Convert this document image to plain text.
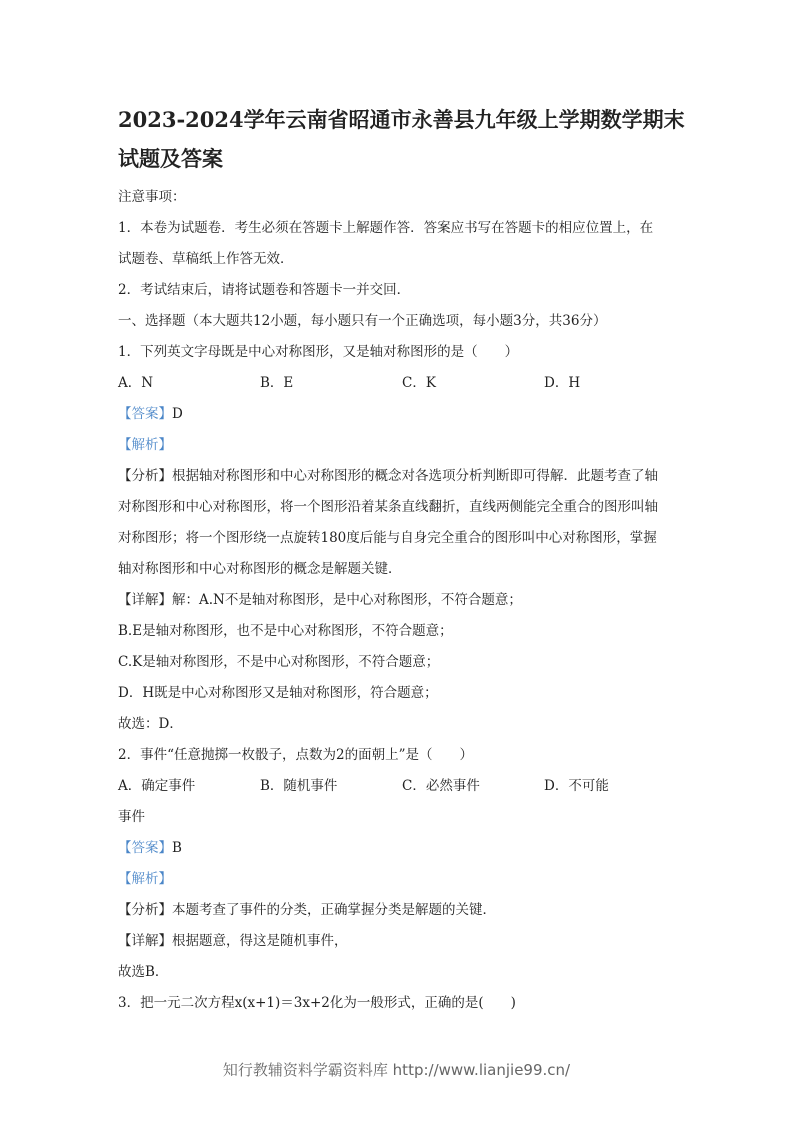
2023-2024学年云南省昭通市永善县九年级上学期数学期末
试题及答案
注意事项：
1．本卷为试题卷．考生必须在答题卡上解题作答．答案应书写在答题卡的相应位置上，在
试题卷、草稿纸上作答无效．
2．考试结束后，请将试题卷和答题卡一并交回．
一、选择题（本大题共12小题，每小题只有一个正确选项，每小题3分，共36分）
1．下列英文字母既是中心对称图形，又是轴对称图形的是（　　）
A．N	B．E	C．K	D．H
【答案】D
【解析】
【分析】根据轴对称图形和中心对称图形的概念对各选项分析判断即可得解．此题考查了轴
对称图形和中心对称图形，将一个图形沿着某条直线翻折，直线两侧能完全重合的图形叫轴
对称图形；将一个图形绕一点旋转180度后能与自身完全重合的图形叫中心对称图形，掌握
轴对称图形和中心对称图形的概念是解题关键．
【详解】解：A.N不是轴对称图形，是中心对称图形，不符合题意；
B.E是轴对称图形，也不是中心对称图形，不符合题意；
C.K是轴对称图形，不是中心对称图形，不符合题意；
D．H既是中心对称图形又是轴对称图形，符合题意；
故选：D．
2．事件“任意抛掷一枚骰子，点数为2的面朝上”是（　　）
A．确定事件	B．随机事件	C．必然事件	D．不可能
事件
【答案】B
【解析】
【分析】本题考查了事件的分类，正确掌握分类是解题的关键．
【详解】根据题意，得这是随机事件，
故选B．
3．把一元二次方程x(x+1)＝3x+2化为一般形式，正确的是(　　)
知行教辅资料学霸资料库 http://www.lianjie99.cn/
